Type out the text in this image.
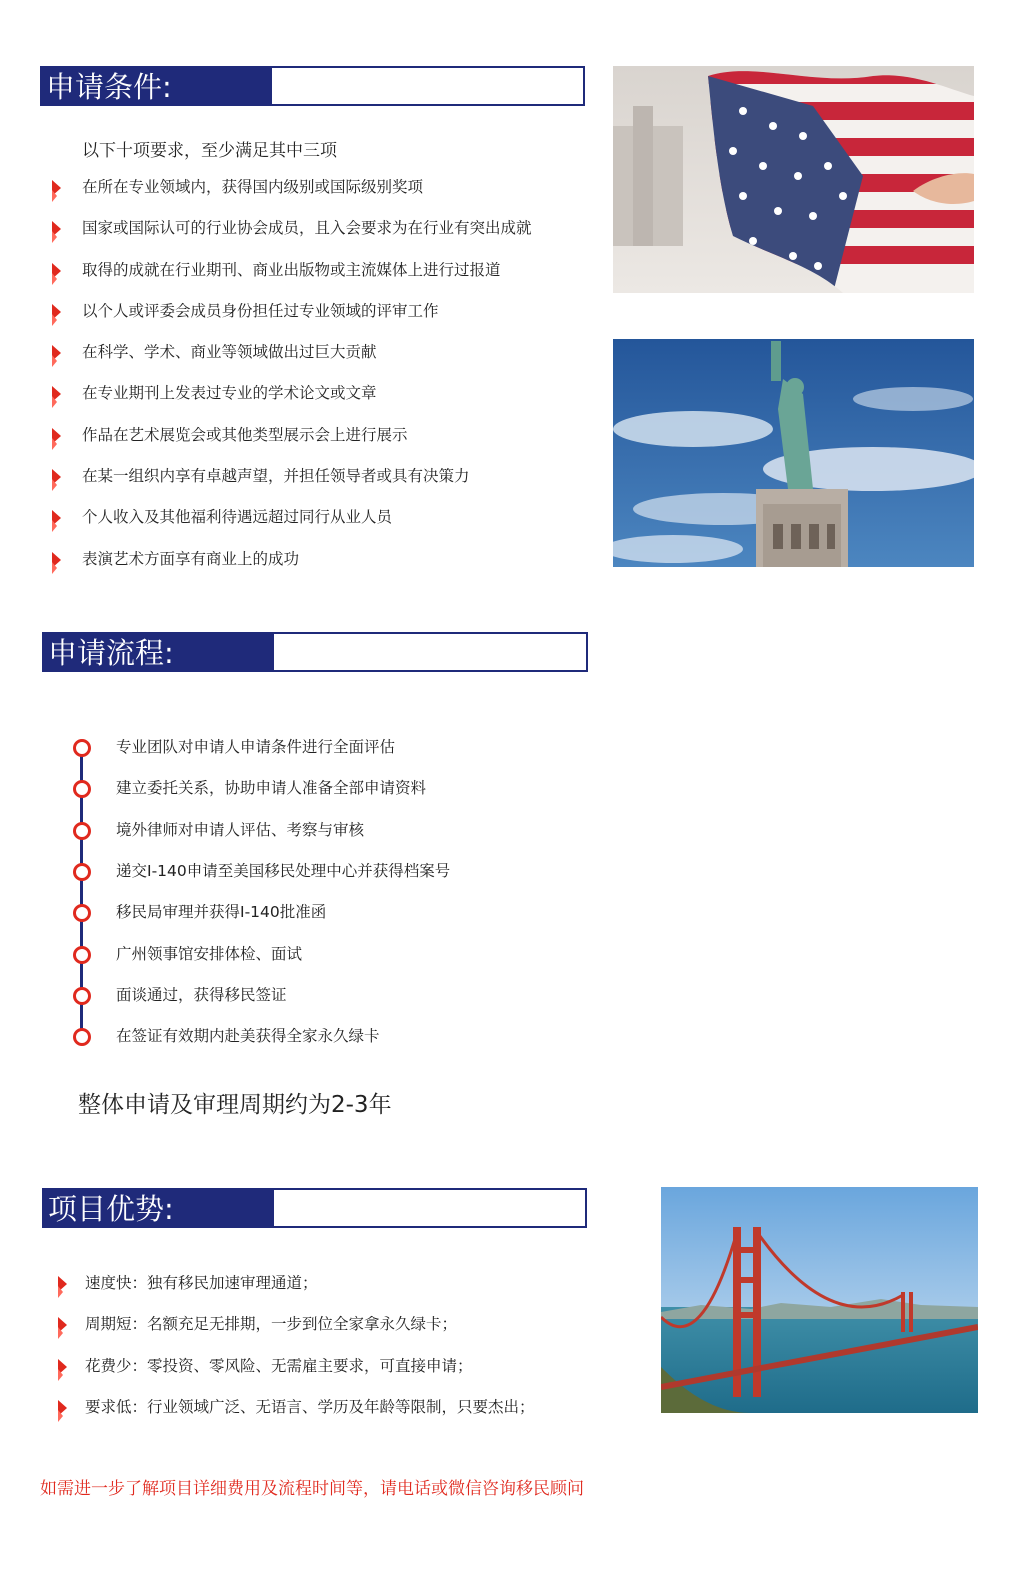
申请条件:
以下十项要求，至少满足其中三项
在所在专业领域内，获得国内级别或国际级别奖项
国家或国际认可的行业协会成员，且入会要求为在行业有突出成就
取得的成就在行业期刊、商业出版物或主流媒体上进行过报道
以个人或评委会成员身份担任过专业领域的评审工作
在科学、学术、商业等领域做出过巨大贡献
在专业期刊上发表过专业的学术论文或文章
作品在艺术展览会或其他类型展示会上进行展示
在某一组织内享有卓越声望，并担任领导者或具有决策力
个人收入及其他福利待遇远超过同行从业人员
表演艺术方面享有商业上的成功
申请流程:
专业团队对申请人申请条件进行全面评估
建立委托关系，协助申请人准备全部申请资料
境外律师对申请人评估、考察与审核
递交I-140申请至美国移民处理中心并获得档案号
移民局审理并获得I-140批准函
广州领事馆安排体检、面试
面谈通过，获得移民签证
在签证有效期内赴美获得全家永久绿卡
整体申请及审理周期约为2-3年
项目优势:
速度快：独有移民加速审理通道；
周期短：名额充足无排期，一步到位全家拿永久绿卡；
花费少：零投资、零风险、无需雇主要求，可直接申请；
要求低：行业领域广泛、无语言、学历及年龄等限制，只要杰出；
如需进一步了解项目详细费用及流程时间等，请电话或微信咨询移民顾问
